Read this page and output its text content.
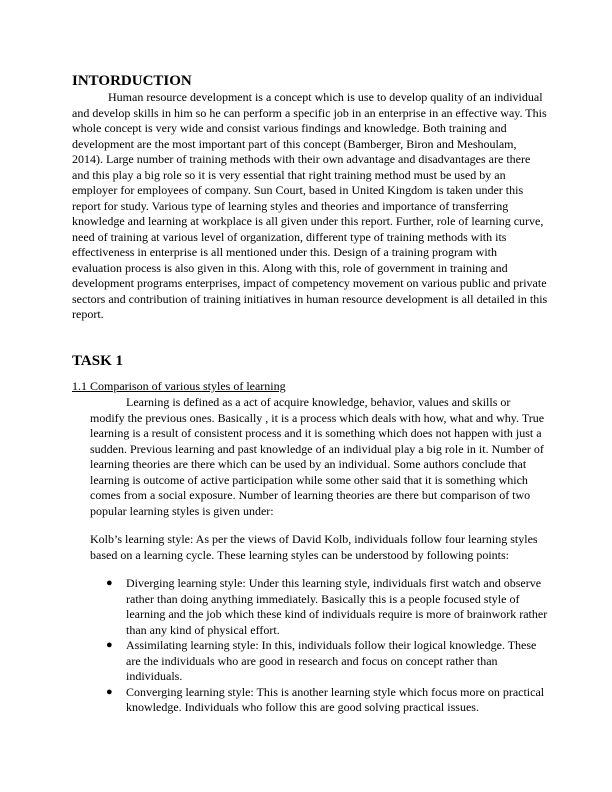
INTORDUCTION

Human resource development is a concept which is use to develop quality of an individual and develop skills in him so he can perform a specific job in an enterprise in an effective way. This whole concept is very wide and consist various findings and knowledge. Both training and development are the most important part of this concept (Bamberger, Biron and Meshoulam, 2014). Large number of training methods with their own advantage and disadvantages are there and this play a big role so it is very essential that right training method must be used by an employer for employees of company. Sun Court, based in United Kingdom is taken under this report for study. Various type of learning styles and theories and importance of transferring knowledge and learning at workplace is all given under this report. Further, role of learning curve, need of training at various level of organization, different type of training methods with its effectiveness in enterprise is all mentioned under this. Design of a training program with evaluation process is also given in this. Along with this, role of government in training and development programs enterprises, impact of competency movement on various public and private sectors and contribution of training initiatives in human resource development is all detailed in this report.

TASK 1

1.1 Comparison of various styles of learning

Learning is defined as a act of acquire knowledge, behavior, values and skills or modify the previous ones. Basically , it is a process which deals with how, what and why. True learning is a result of consistent process and it is something which does not happen with just a sudden. Previous learning and past knowledge of an individual play a big role in it. Number of learning theories are there which can be used by an individual. Some authors conclude that learning is outcome of active participation while some other said that it is something which comes from a social exposure. Number of learning theories are there but comparison of two popular learning styles is given under:

Kolb’s learning style: As per the views of David Kolb, individuals follow four learning styles based on a learning cycle. These learning styles can be understood by following points:

● Diverging learning style: Under this learning style, individuals first watch and observe rather than doing anything immediately. Basically this is a people focused style of learning and the job which these kind of individuals require is more of brainwork rather than any kind of physical effort.
● Assimilating learning style: In this, individuals follow their logical knowledge. These are the individuals who are good in research and focus on concept rather than individuals.
● Converging learning style: This is another learning style which focus more on practical knowledge. Individuals who follow this are good solving practical issues.
